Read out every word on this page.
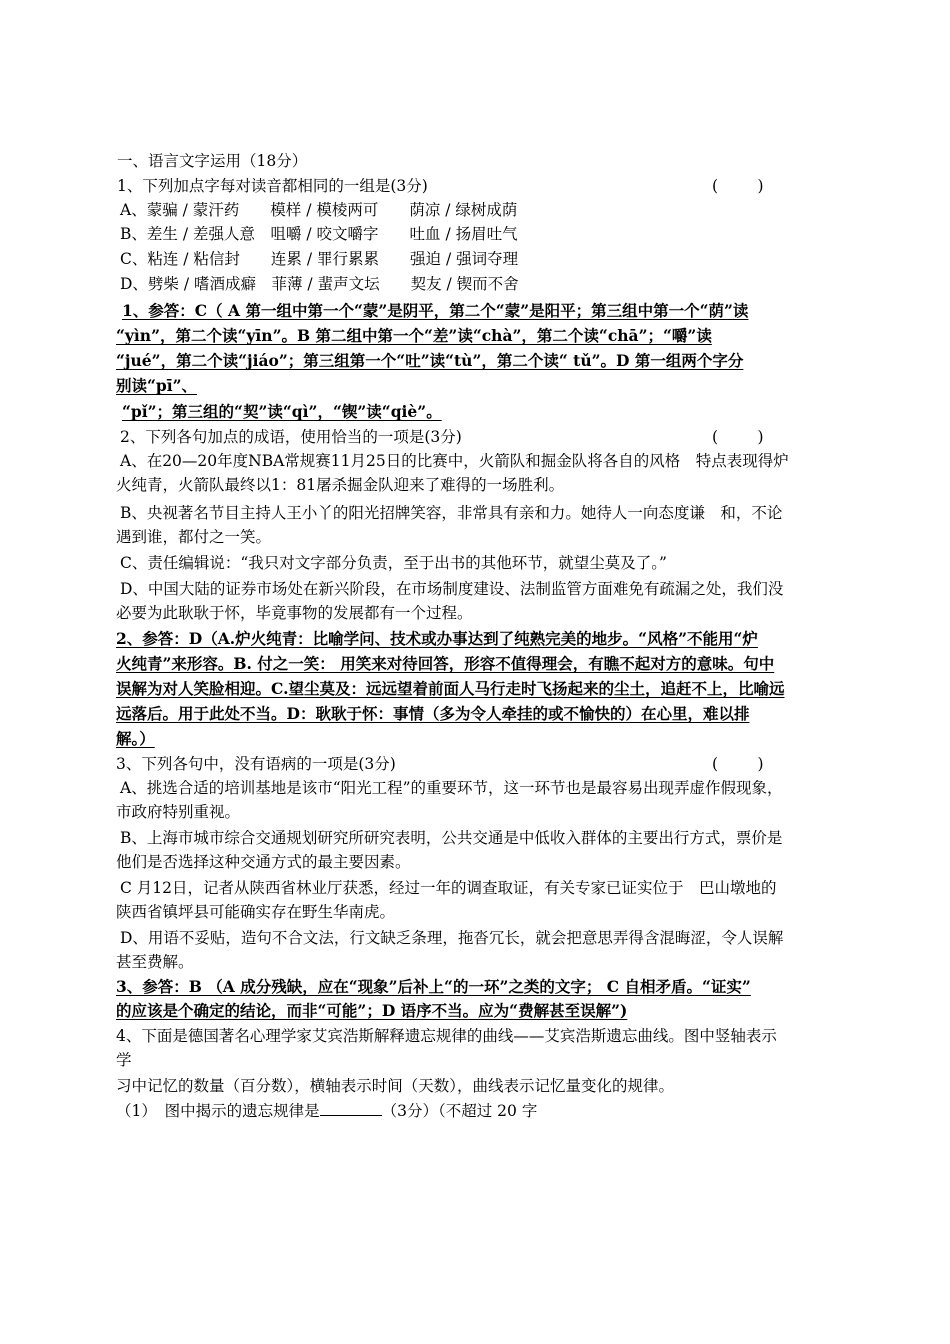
一、语言文字运用（18分）
1、下列加点字每对读音都相同的一组是(3分)	(        )
A、蒙骗 / 蒙汗药　　模样 / 模棱两可　　荫凉 / 绿树成荫
B、差生 / 差强人意　咀嚼 / 咬文嚼字　　吐血 / 扬眉吐气
C、粘连 / 粘信封　　连累 / 罪行累累　　强迫 / 强词夺理
D、劈柴 / 嗜酒成癖　菲薄 / 蜚声文坛　　契友 / 锲而不舍
1、参答：C（ A 第一组中第一个“蒙”是阴平，第二个“蒙”是阳平；第三组中第一个“荫”读
“yìn”，第二个读“yīn”。B 第二组中第一个“差”读“chà”，第二个读“chā”；“嚼”读
“jué”，第二个读“jiáo”；第三组第一个“吐”读“tù”，第二个读“ tǔ”。D 第一组两个字分
别读“pī”、
“pǐ”；第三组的“契”读“qì”，“锲”读“qiè”。
2、下列各句加点的成语，使用恰当的一项是(3分)	(        )
A、在20—20年度NBA常规赛11月25日的比赛中，火箭队和掘金队将各自的风格　特点表现得炉
火纯青，火箭队最终以1：81屠杀掘金队迎来了难得的一场胜利。
B、央视著名节目主持人王小丫的阳光招牌笑容，非常具有亲和力。她待人一向态度谦　和，不论
遇到谁，都付之一笑。
C、责任编辑说：“我只对文字部分负责，至于出书的其他环节，就望尘莫及了。”
D、中国大陆的证券市场处在新兴阶段，在市场制度建设、法制监管方面难免有疏漏之处，我们没
必要为此耿耿于怀，毕竟事物的发展都有一个过程。
2、参答：D（A.炉火纯青：比喻学问、技术或办事达到了纯熟完美的地步。“风格”不能用“炉
火纯青”来形容。B. 付之一笑： 用笑来对待回答，形容不值得理会，有瞧不起对方的意味。句中
误解为对人笑脸相迎。C.望尘莫及：远远望着前面人马行走时飞扬起来的尘土，追赶不上，比喻远
远落后。用于此处不当。D：耿耿于怀：事情（多为令人牵挂的或不愉快的）在心里，难以排
解。）
3、下列各句中，没有语病的一项是(3分)	(        )
A、挑选合适的培训基地是该市“阳光工程”的重要环节，这一环节也是最容易出现弄虚作假现象，
市政府特别重视。
B、上海市城市综合交通规划研究所研究表明，公共交通是中低收入群体的主要出行方式，票价是
他们是否选择这种交通方式的最主要因素。
C 月12日，记者从陕西省林业厅获悉，经过一年的调查取证，有关专家已证实位于　巴山墩地的
陕西省镇坪县可能确实存在野生华南虎。
D、用语不妥贴，造句不合文法，行文缺乏条理，拖沓冗长，就会把意思弄得含混晦涩，令人误解
甚至费解。
3、参答：B （A 成分残缺，应在“现象”后补上“的一环”之类的文字； C 自相矛盾。“证实”
的应该是个确定的结论，而非“可能”；D 语序不当。应为“费解甚至误解”)
4、下面是德国著名心理学家艾宾浩斯解释遗忘规律的曲线——艾宾浩斯遗忘曲线。图中竖轴表示
学
习中记忆的数量（百分数），横轴表示时间（天数），曲线表示记忆量变化的规律。
（1）　图中揭示的遗忘规律是	（3分）（不超过 20 字
